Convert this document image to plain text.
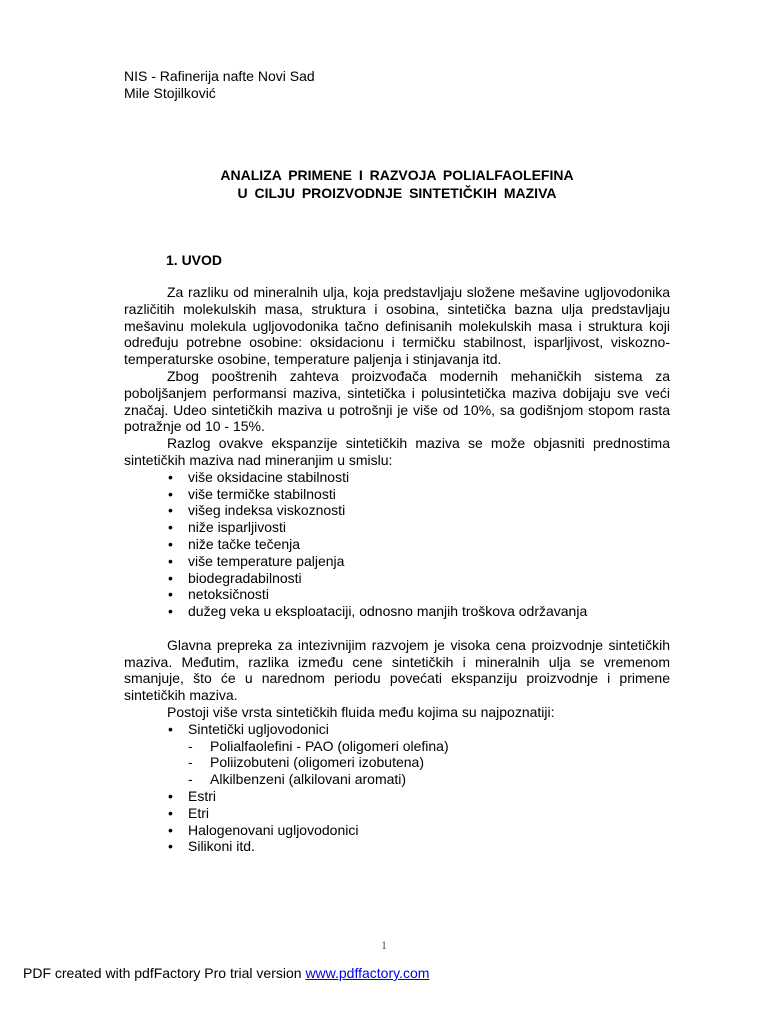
NIS - Rafinerija nafte Novi Sad
Mile Stojilković
ANALIZA PRIMENE I RAZVOJA POLIALFAOLEFINA
U CILJU PROIZVODNJE SINTETIČKIH MAZIVA
1. UVOD

Za razliku od mineralnih ulja, koja predstavljaju složene mešavine ugljovodonika različitih molekulskih masa, struktura i osobina, sintetička bazna ulja predstavljaju mešavinu molekula ugljovodonika tačno definisanih molekulskih masa i struktura koji određuju potrebne osobine: oksidacionu i termičku stabilnost, isparljivost, viskozno-temperaturske osobine, temperature paljenja i stinjavanja itd.

Zbog pooštrenih zahteva proizvođača modernih mehaničkih sistema za poboljšanjem performansi maziva, sintetička i polusintetička maziva dobijaju sve veći značaj. Udeo sintetičkih maziva u potrošnji je više od 10%, sa godišnjom stopom rasta potražnje od 10 - 15%.

Razlog ovakve ekspanzije sintetičkih maziva se može objasniti prednostima sintetičkih maziva nad mineranjim u smislu:

• više oksidacine stabilnosti
• više termičke stabilnosti
• višeg indeksa viskoznosti
• niže isparljivosti
• niže tačke tečenja
• više temperature paljenja
• biodegradabilnosti
• netoksičnosti
• dužeg veka u eksploataciji, odnosno manjih troškova održavanja

Glavna prepreka za intezivnijim razvojem je visoka cena proizvodnje sintetičkih maziva. Međutim, razlika između cene sintetičkih i mineralnih ulja se vremenom smanjuje, što će u narednom periodu povećati ekspanziju proizvodnje i primene sintetičkih maziva.

Postoji više vrsta sintetičkih fluida među kojima su najpoznatiji:

• Sintetički ugljovodonici
- Polialfaolefini - PAO (oligomeri olefina)
- Poliizobuteni (oligomeri izobutena)
- Alkilbenzeni (alkilovani aromati)
• Estri
• Etri
• Halogenovani ugljovodonici
• Silikoni itd.
1
PDF created with pdfFactory Pro trial version www.pdffactory.com
